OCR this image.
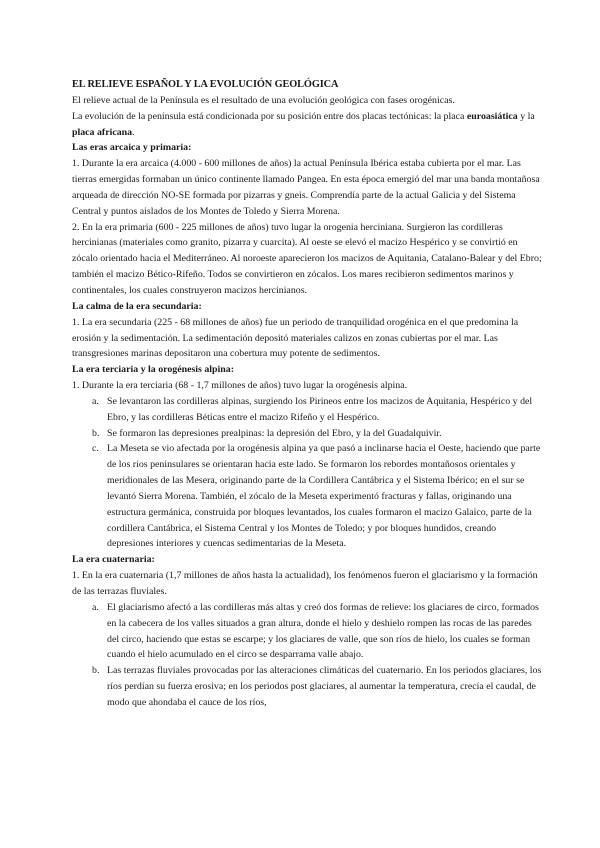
EL RELIEVE ESPAÑOL Y LA EVOLUCIÓN GEOLÓGICA

El relieve actual de la Península es el resultado de una evolución geológica con fases orogénicas.

La evolución de la península está condicionada por su posición entre dos placas tectónicas: la placa euroasiática y la placa africana.

Las eras arcaica y primaria:

1. Durante la era arcaica (4.000 - 600 millones de años) la actual Península Ibérica estaba cubierta por el mar. Las tierras emergidas formaban un único continente llamado Pangea. En esta época emergió del mar una banda montañosa arqueada de dirección NO-SE formada por pizarras y gneis. Comprendía parte de la actual Galicia y del Sistema Central y puntos aislados de los Montes de Toledo y Sierra Morena.

2. En la era primaria (600 - 225 millones de años) tuvo lugar la orogenia herciniana. Surgieron las cordilleras hercinianas (materiales como granito, pizarra y cuarcita). Al oeste se elevó el macizo Hespérico y se convirtió en zócalo orientado hacia el Mediterráneo. Al noroeste aparecieron los macizos de Aquitania, Catalano-Balear y del Ebro; también el macizo Bético-Rifeño. Todos se convirtieron en zócalos. Los mares recibieron sedimentos marinos y continentales, los cuales construyeron macizos hercinianos.

La calma de la era secundaria:

1. La era secundaria (225 - 68 millones de años) fue un periodo de tranquilidad orogénica en el que predomina la erosión y la sedimentación. La sedimentación depositó materiales calizos en zonas cubiertas por el mar. Las transgresiones marinas depositaron una cobertura muy potente de sedimentos.

La era terciaria y la orogénesis alpina:

1. Durante la era terciaria (68 - 1,7 millones de años) tuvo lugar la orogénesis alpina.

a. Se levantaron las cordilleras alpinas, surgiendo los Pirineos entre los macizos de Aquitania, Hespérico y del Ebro, y las cordilleras Béticas entre el macizo Rifeño y el Hespérico.
b. Se formaron las depresiones prealpinas: la depresión del Ebro, y la del Guadalquivir.
c. La Meseta se vio afectada por la orogénesis alpina ya que pasó a inclinarse hacia el Oeste, haciendo que parte de los ríos peninsulares se orientaran hacia este lado. Se formaron los rebordes montañosos orientales y meridionales de las Mesera, originando parte de la Cordillera Cantábrica y el Sistema Ibérico; en el sur se levantó Sierra Morena. También, el zócalo de la Meseta experimentó fracturas y fallas, originando una estructura germánica, construida por bloques levantados, los cuales formaron el macizo Galaico, parte de la cordillera Cantábrica, el Sistema Central y los Montes de Toledo; y por bloques hundidos, creando depresiones interiores y cuencas sedimentarias de la Meseta.

La era cuaternaria:

1. En la era cuaternaria (1,7 millones de años hasta la actualidad), los fenómenos fueron el glaciarismo y la formación de las terrazas fluviales.

a. El glaciarismo afectó a las cordilleras más altas y creó dos formas de relieve: los glaciares de circo, formados en la cabecera de los valles situados a gran altura, donde el hielo y deshielo rompen las rocas de las paredes del circo, haciendo que estas se escarpe; y los glaciares de valle, que son ríos de hielo, los cuales se forman cuando el hielo acumulado en el circo se desparrama valle abajo.
b. Las terrazas fluviales provocadas por las alteraciones climáticas del cuaternario. En los periodos glaciares, los ríos perdían su fuerza erosiva; en los periodos post glaciares, al aumentar la temperatura, crecía el caudal, de modo que ahondaba el cauce de los ríos,
